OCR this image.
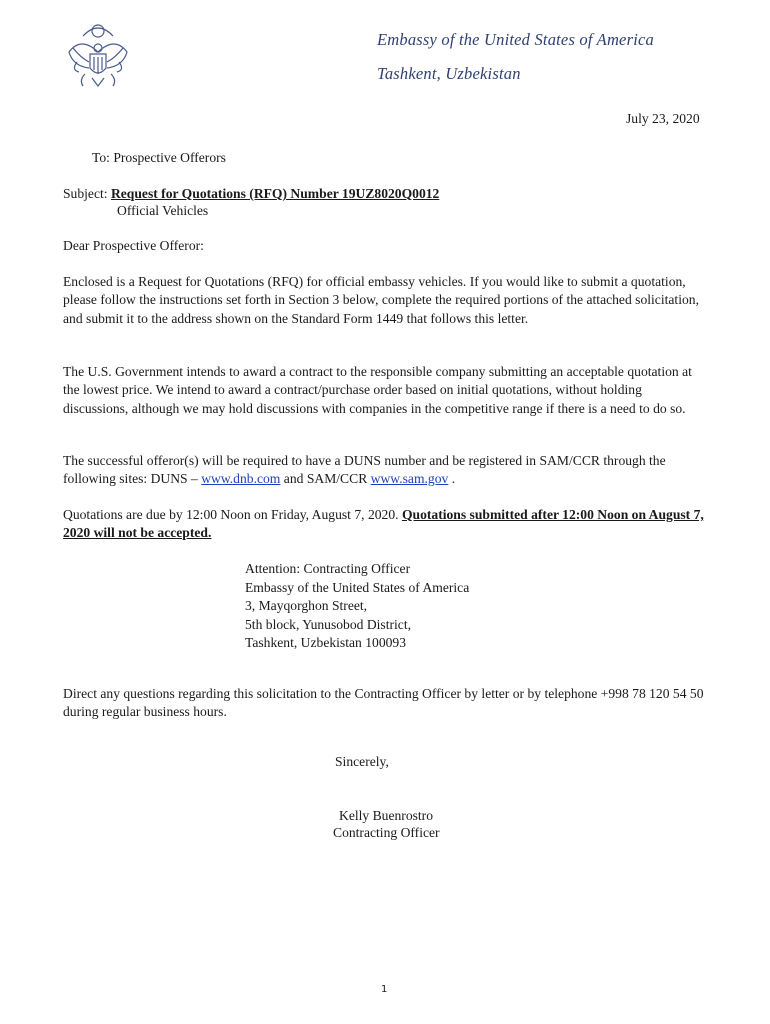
Embassy of the United States of America
Tashkent, Uzbekistan
July 23, 2020
To: Prospective Offerors
Subject: Request for Quotations (RFQ) Number 19UZ8020Q0012
Official Vehicles
Dear Prospective Offeror:
Enclosed is a Request for Quotations (RFQ) for official embassy vehicles. If you would like to submit a quotation, please follow the instructions set forth in Section 3 below, complete the required portions of the attached solicitation, and submit it to the address shown on the Standard Form 1449 that follows this letter.
The U.S. Government intends to award a contract to the responsible company submitting an acceptable quotation at the lowest price. We intend to award a contract/purchase order based on initial quotations, without holding discussions, although we may hold discussions with companies in the competitive range if there is a need to do so.
The successful offeror(s) will be required to have a DUNS number and be registered in SAM/CCR through the following sites: DUNS – www.dnb.com and SAM/CCR www.sam.gov .
Quotations are due by 12:00 Noon on Friday, August 7, 2020. Quotations submitted after 12:00 Noon on August 7, 2020 will not be accepted.
Attention: Contracting Officer
Embassy of the United States of America
3, Mayqorghon Street,
5th block, Yunusobod District,
Tashkent, Uzbekistan 100093
Direct any questions regarding this solicitation to the Contracting Officer by letter or by telephone +998 78 120 54 50 during regular business hours.
Sincerely,
Kelly Buenrostro
Contracting Officer
1
